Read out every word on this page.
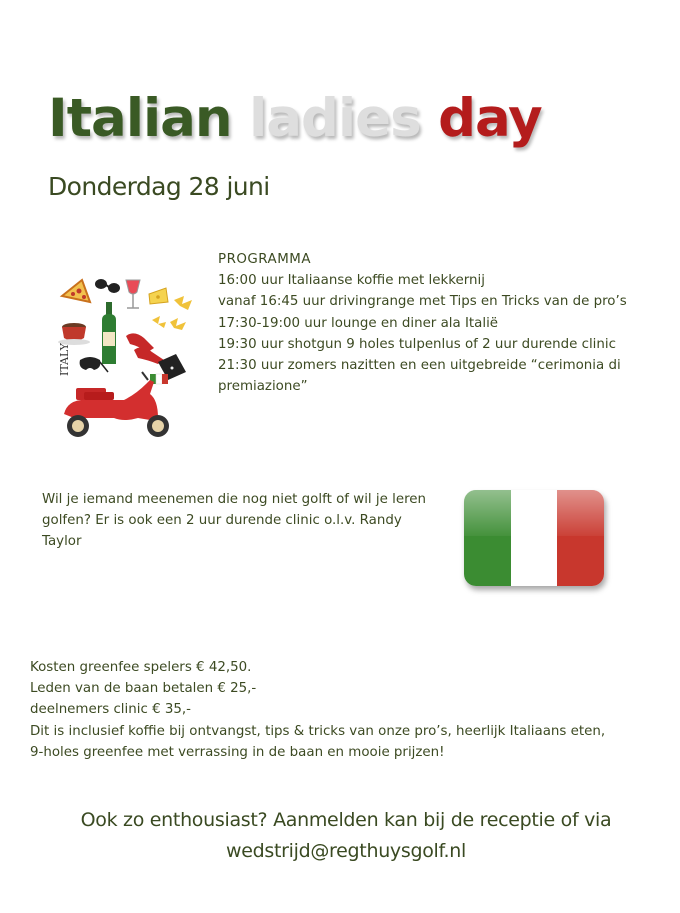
Italian ladies day
Donderdag 28 juni
ITALY
PROGRAMMA
16:00 uur Italiaanse koffie met lekkernij
vanaf 16:45 uur drivingrange met Tips en Tricks van de pro’s
17:30-19:00 uur lounge en diner ala Italië
19:30 uur shotgun 9 holes tulpenlus of 2 uur durende clinic
21:30 uur zomers nazitten en een uitgebreide “cerimonia di premiazione”
Wil je iemand meenemen die nog niet golft of wil je leren golfen? Er is ook een 2 uur durende clinic o.l.v. Randy Taylor
Kosten greenfee spelers € 42,50.
Leden van de baan betalen € 25,-
deelnemers clinic € 35,-
Dit is inclusief koffie bij ontvangst, tips & tricks van onze pro’s, heerlijk Italiaans eten,
9-holes greenfee met verrassing in de baan en mooie prijzen!
Ook zo enthousiast? Aanmelden kan bij de receptie of via
wedstrijd@regthuysgolf.nl
